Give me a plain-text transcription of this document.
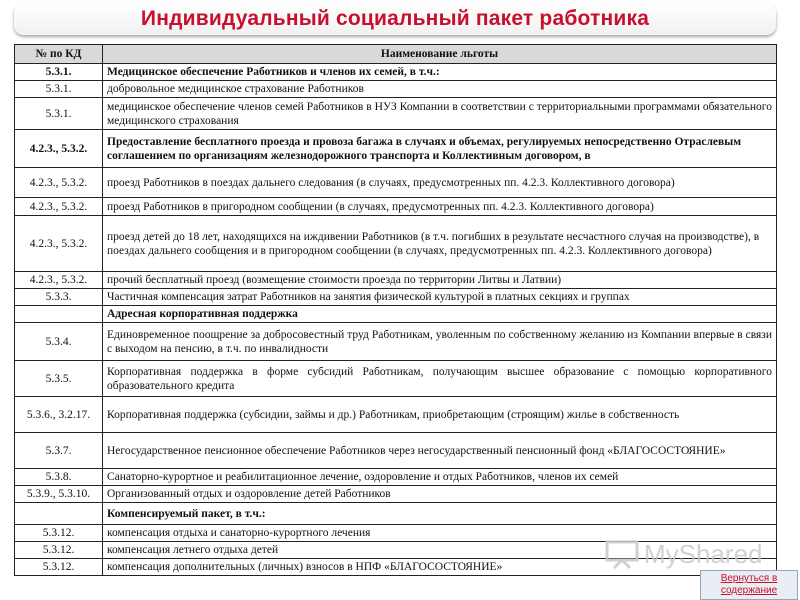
Индивидуальный социальный пакет работника
№ по КД	Наименование льготы
5.3.1.	Медицинское обеспечение Работников и членов их семей, в т.ч.:
5.3.1.	добровольное медицинское страхование Работников
5.3.1.	медицинское обеспечение членов семей Работников в НУЗ Компании в соответствии с территориальными программами обязательного медицинского страхования
4.2.3., 5.3.2.	Предоставление бесплатного проезда и провоза багажа в случаях и объемах, регулируемых непосредственно Отраслевым соглашением по организациям железнодорожного транспорта и Коллективным договором, в
4.2.3., 5.3.2.	проезд Работников в поездах дальнего следования (в случаях, предусмотренных пп. 4.2.3. Коллективного договора)
4.2.3., 5.3.2.	проезд Работников в пригородном сообщении (в случаях, предусмотренных пп. 4.2.3. Коллективного договора)
4.2.3., 5.3.2.	проезд детей до 18 лет, находящихся на иждивении Работников (в т.ч. погибших в результате несчастного случая на производстве), в поездах дальнего сообщения и в пригородном сообщении (в случаях, предусмотренных пп. 4.2.3. Коллективного договора)
4.2.3., 5.3.2.	прочий бесплатный проезд (возмещение стоимости проезда по территории Литвы и Латвии)
5.3.3.	Частичная компенсация затрат Работников на занятия физической культурой в платных секциях и группах
	Адресная корпоративная поддержка
5.3.4.	Единовременное поощрение за добросовестный труд Работникам, уволенным по собственному желанию из Компании впервые в связи с выходом на пенсию, в т.ч. по инвалидности
5.3.5.	Корпоративная поддержка в форме субсидий Работникам, получающим высшее образование с помощью корпоративного образовательного кредита
5.3.6., 3.2.17.	Корпоративная поддержка (субсидии, займы и др.) Работникам, приобретающим (строящим) жилье в собственность
5.3.7.	Негосударственное пенсионное обеспечение Работников через негосударственный пенсионный фонд «БЛАГОСОСТОЯНИЕ»
5.3.8.	Санаторно-курортное и реабилитационное лечение, оздоровление и отдых Работников, членов их семей
5.3.9., 5.3.10.	Организованный отдых и оздоровление детей Работников
	Компенсируемый пакет, в т.ч.:
5.3.12.	компенсация отдыха и санаторно-курортного лечения
5.3.12.	компенсация летнего отдыха детей
5.3.12.	компенсация дополнительных (личных) взносов в НПФ «БЛАГОСОСТОЯНИЕ»	MyShared
Вернуться в содержание
